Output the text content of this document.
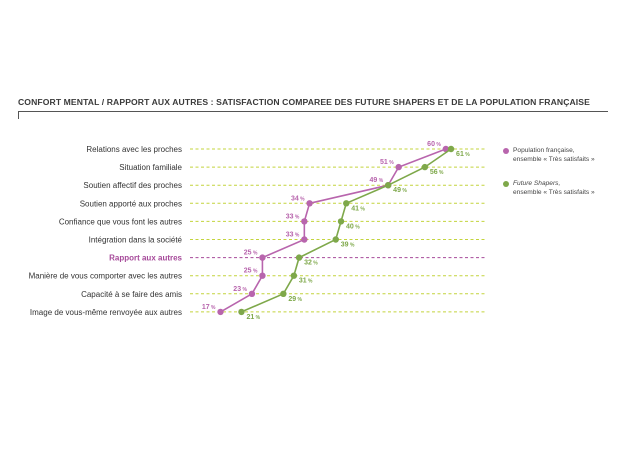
CONFORT MENTAL / RAPPORT AUX AUTRES : SATISFACTION COMPAREE DES FUTURE SHAPERS ET DE LA POPULATION FRANÇAISE
Relations avec les proches
Situation familiale
Soutien affectif des proches
Soutien apporté aux proches
Confiance que vous font les autres
Intégration dans la société
Rapport aux autres
Manière de vous comporter avec les autres
Capacité à se faire des amis
Image de vous-même renvoyée aux autres
60 %
51 %
49 %
34 %
33 %
33 %
25 %
25 %
23 %
17 %
61 %
56 %
49 %
41 %
40 %
39 %
32 %
31 %
29 %
21 %
Population française,
ensemble « Très satisfaits »
Future Shapers,
ensemble « Très satisfaits »
